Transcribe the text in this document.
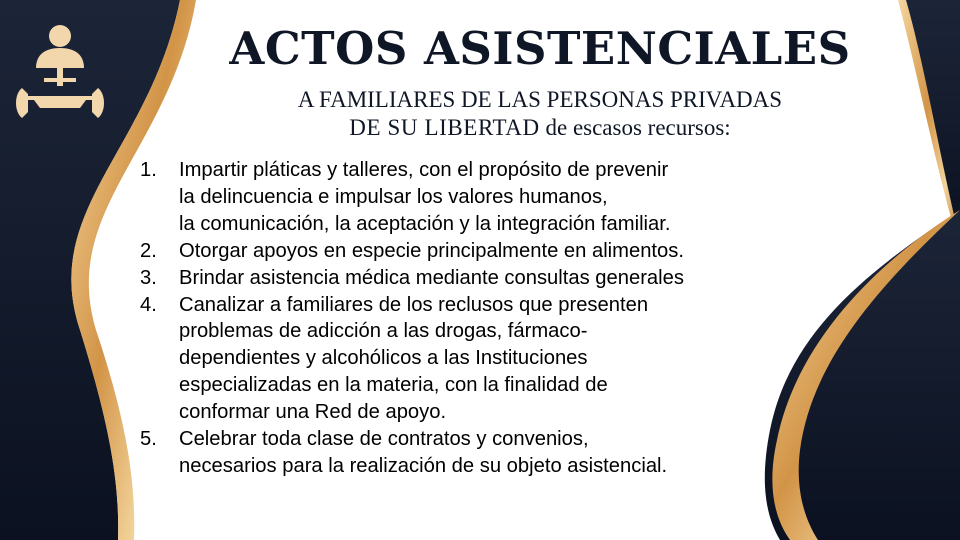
ACTOS ASISTENCIALES
A FAMILIARES DE LAS PERSONAS PRIVADAS
DE SU LIBERTAD de escasos recursos:
1. Impartir pláticas y talleres, con el propósito de prevenir
la delincuencia e impulsar los valores humanos,
la comunicación, la aceptación y la integración familiar.
2. Otorgar apoyos en especie principalmente en alimentos.
3. Brindar asistencia médica mediante consultas generales
4. Canalizar a familiares de los reclusos que presenten
problemas de adicción a las drogas, fármaco-
dependientes y alcohólicos a las Instituciones
especializadas en la materia, con la finalidad de
conformar una Red de apoyo.
5. Celebrar toda clase de contratos y convenios,
necesarios para la realización de su objeto asistencial.
